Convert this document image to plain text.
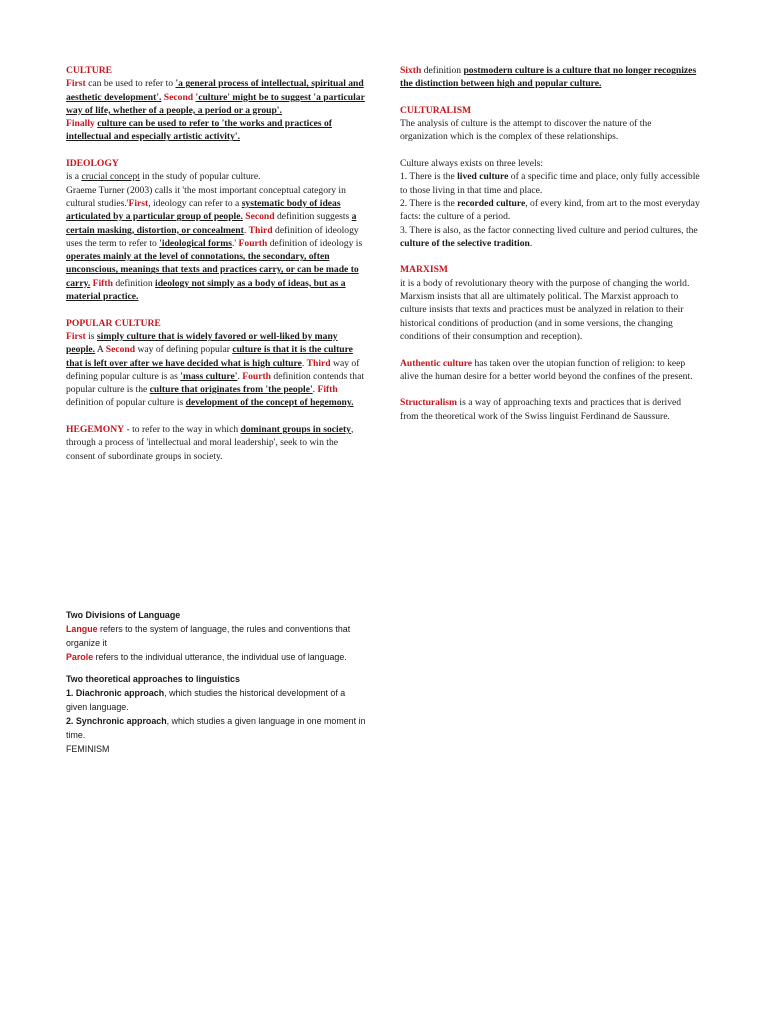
CULTURE

First can be used to refer to 'a general process of intellectual, spiritual and aesthetic development'. Second 'culture' might be to suggest 'a particular way of life, whether of a people, a period or a group'.
Finally culture can be used to refer to 'the works and practices of intellectual and especially artistic activity'.

IDEOLOGY

is a crucial concept in the study of popular culture.

Graeme Turner (2003) calls it 'the most important conceptual category in cultural studies.'First, ideology can refer to a systematic body of ideas articulated by a particular group of people. Second definition suggests a certain masking, distortion, or concealment. Third definition of ideology uses the term to refer to 'ideological forms.' Fourth definition of ideology is operates mainly at the level of connotations, the secondary, often unconscious, meanings that texts and practices carry, or can be made to carry. Fifth definition ideology not simply as a body of ideas, but as a material practice.

POPULAR CULTURE

First is simply culture that is widely favored or well-liked by many people. A Second way of defining popular culture is that it is the culture that is left over after we have decided what is high culture. Third way of defining popular culture is as 'mass culture'. Fourth definition contends that popular culture is the culture that originates from 'the people'. Fifth definition of popular culture is development of the concept of hegemony.

HEGEMONY - to refer to the way in which dominant groups in society, through a process of 'intellectual and moral leadership', seek to win the consent of subordinate groups in society.

Sixth definition postmodern culture is a culture that no longer recognizes the distinction between high and popular culture.

CULTURALISM

The analysis of culture is the attempt to discover the nature of the organization which is the complex of these relationships.

Culture always exists on three levels:

1. There is the lived culture of a specific time and place, only fully accessible to those living in that time and place.

2. There is the recorded culture, of every kind, from art to the most everyday facts: the culture of a period.

3. There is also, as the factor connecting lived culture and period cultures, the culture of the selective tradition.

MARXISM

it is a body of revolutionary theory with the purpose of changing the world. Marxism insists that all are ultimately political. The Marxist approach to culture insists that texts and practices must be analyzed in relation to their historical conditions of production (and in some versions, the changing conditions of their consumption and reception).

Authentic culture has taken over the utopian function of religion: to keep alive the human desire for a better world beyond the confines of the present.

Structuralism is a way of approaching texts and practices that is derived from the theoretical work of the Swiss linguist Ferdinand de Saussure.

Two Divisions of Language
Langue refers to the system of language, the rules and conventions that organize it
Parole refers to the individual utterance, the individual use of language.
Two theoretical approaches to linguistics
1. Diachronic approach, which studies the historical development of a given language.
2. Synchronic approach, which studies a given language in one moment in time.
FEMINISM
